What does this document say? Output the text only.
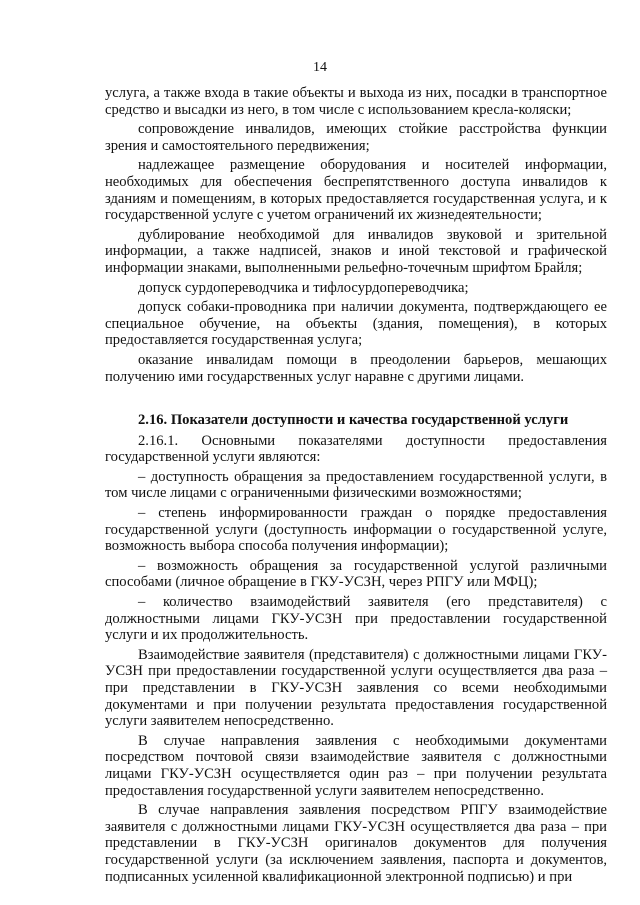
14

услуга, а также входа в такие объекты и выхода из них, посадки в транспортное средство и высадки из него, в том числе с использованием кресла-коляски;

сопровождение инвалидов, имеющих стойкие расстройства функции зрения и самостоятельного передвижения;

надлежащее размещение оборудования и носителей информации, необходимых для обеспечения беспрепятственного доступа инвалидов к зданиям и помещениям, в которых предоставляется государственная услуга, и к государственной услуге с учетом ограничений их жизнедеятельности;

дублирование необходимой для инвалидов звуковой и зрительной информации, а также надписей, знаков и иной текстовой и графической информации знаками, выполненными рельефно-точечным шрифтом Брайля;

допуск сурдопереводчика и тифлосурдопереводчика;

допуск собаки-проводника при наличии документа, подтверждающего ее специальное обучение, на объекты (здания, помещения), в которых предоставляется государственная услуга;

оказание инвалидам помощи в преодолении барьеров, мешающих получению ими государственных услуг наравне с другими лицами.

2.16. Показатели доступности и качества государственной услуги

2.16.1. Основными показателями доступности предоставления государственной услуги являются:

– доступность обращения за предоставлением государственной услуги, в том числе лицами с ограниченными физическими возможностями;

– степень информированности граждан о порядке предоставления государственной услуги (доступность информации о государственной услуге, возможность выбора способа получения информации);

– возможность обращения за государственной услугой различными способами (личное обращение в ГКУ-УСЗН, через РПГУ или МФЦ);

– количество взаимодействий заявителя (его представителя) с должностными лицами ГКУ-УСЗН при предоставлении государственной услуги и их продолжительность.

Взаимодействие заявителя (представителя) с должностными лицами ГКУ-УСЗН при предоставлении государственной услуги осуществляется два раза – при представлении в ГКУ-УСЗН заявления со всеми необходимыми документами и при получении результата предоставления государственной услуги заявителем непосредственно.

В случае направления заявления с необходимыми документами посредством почтовой связи взаимодействие заявителя с должностными лицами ГКУ-УСЗН осуществляется один раз – при получении результата предоставления государственной услуги заявителем непосредственно.

В случае направления заявления посредством РПГУ взаимодействие заявителя с должностными лицами ГКУ-УСЗН осуществляется два раза – при представлении в ГКУ-УСЗН оригиналов документов для получения государственной услуги (за исключением заявления, паспорта и документов, подписанных усиленной квалификационной электронной подписью) и при
